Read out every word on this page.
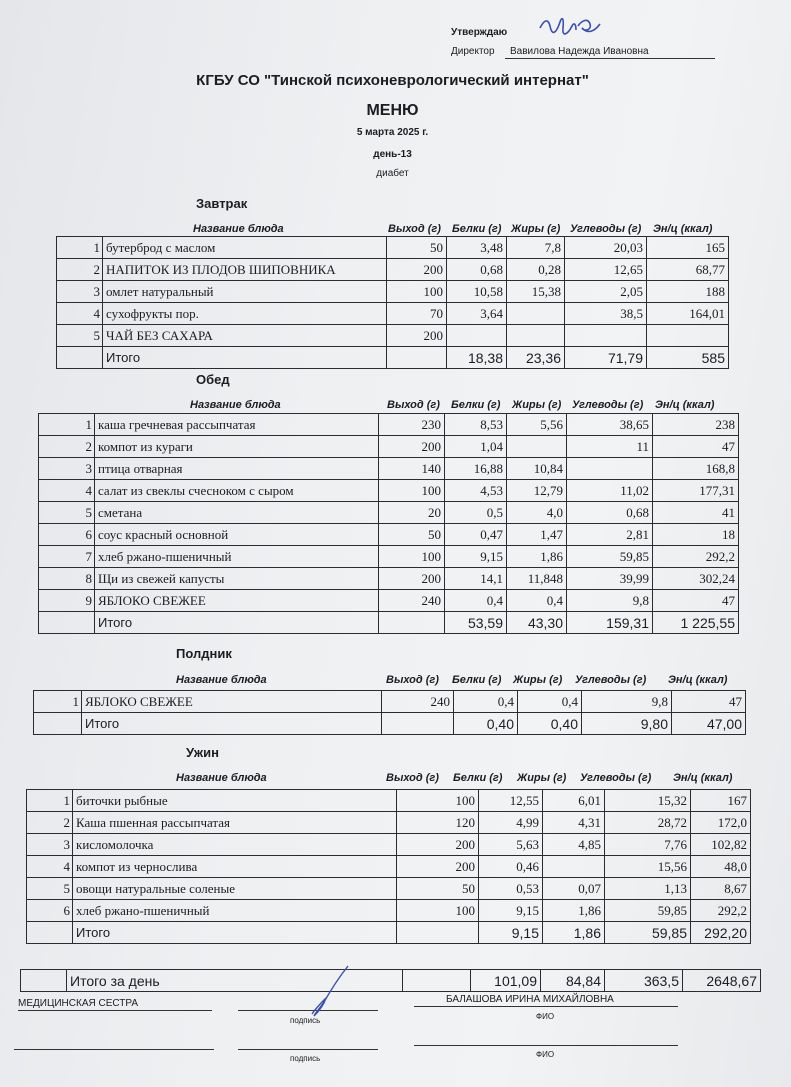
Утверждаю
Директор Вавилова Надежда Ивановна
КГБУ СО "Тинской психоневрологический интернат"
МЕНЮ
5 марта 2025 г.
день-13
диабет
Завтрак
Название блюда	Выход (г) Белки (г) Жиры (г) Углеводы (г) Эн/ц (ккал)
1	бутерброд с маслом	50	3,48	7,8	20,03	165
2	НАПИТОК ИЗ ПЛОДОВ ШИПОВНИКА	200	0,68	0,28	12,65	68,77
3	омлет натуральный	100	10,58	15,38	2,05	188
4	сухофрукты пор.	70	3,64		38,5	164,01
5	ЧАЙ БЕЗ САХАРА	200				
	Итого		18,38	23,36	71,79	585
Обед
Название блюда	Выход (г) Белки (г) Жиры (г) Углеводы (г) Эн/ц (ккал)
1	каша гречневая рассыпчатая	230	8,53	5,56	38,65	238
2	компот из кураги	200	1,04		11	47
3	птица отварная	140	16,88	10,84		168,8
4	салат из свеклы счесноком с сыром	100	4,53	12,79	11,02	177,31
5	сметана	20	0,5	4,0	0,68	41
6	соус красный основной	50	0,47	1,47	2,81	18
7	хлеб ржано-пшеничный	100	9,15	1,86	59,85	292,2
8	Щи из свежей капусты	200	14,1	11,848	39,99	302,24
9	ЯБЛОКО СВЕЖЕЕ	240	0,4	0,4	9,8	47
	Итого		53,59	43,30	159,31	1 225,55
Полдник
Название блюда	Выход (г) Белки (г) Жиры (г) Углеводы (г) Эн/ц (ккал)
1	ЯБЛОКО СВЕЖЕЕ	240	0,4	0,4	9,8	47
	Итого		0,40	0,40	9,80	47,00
Ужин
Название блюда	Выход (г) Белки (г) Жиры (г) Углеводы (г) Эн/ц (ккал)
1	биточки рыбные	100	12,55	6,01	15,32	167
2	Каша пшенная рассыпчатая	120	4,99	4,31	28,72	172,0
3	кисломолочка	200	5,63	4,85	7,76	102,82
4	компот из чернослива	200	0,46		15,56	48,0
5	овощи натуральные соленые	50	0,53	0,07	1,13	8,67
6	хлеб ржано-пшеничный	100	9,15	1,86	59,85	292,2
	Итого		9,15	1,86	59,85	292,20
	Итого за день		101,09	84,84	363,5	2648,67
МЕДИЦИНСКАЯ СЕСТРА
подпись
БАЛАШОВА ИРИНА МИХАЙЛОВНА
ФИО
подпись	ФИО
